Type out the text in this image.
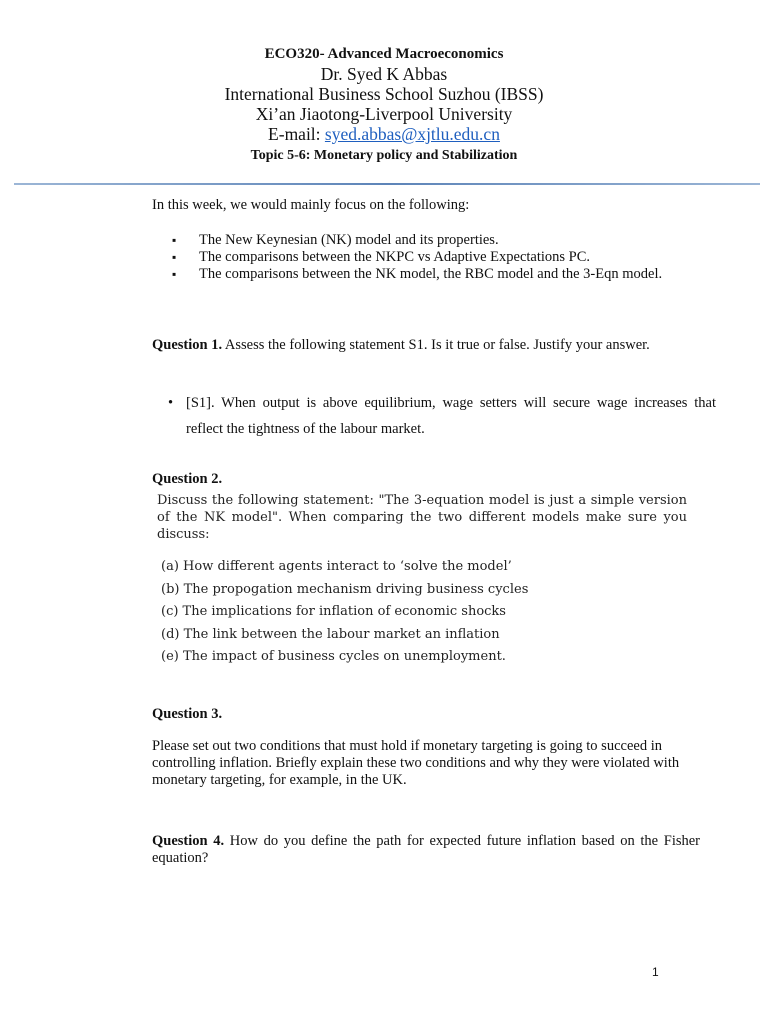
ECO320- Advanced Macroeconomics
Dr. Syed K Abbas
International Business School Suzhou (IBSS)
Xi’an Jiaotong-Liverpool University
E-mail: syed.abbas@xjtlu.edu.cn
Topic 5-6: Monetary policy and Stabilization
In this week, we would mainly focus on the following:
▪ The New Keynesian (NK) model and its properties.
▪ The comparisons between the NKPC vs Adaptive Expectations PC.
▪ The comparisons between the NK model, the RBC model and the 3-Eqn model.
Question 1. Assess the following statement S1. Is it true or false. Justify your answer.
• [S1]. When output is above equilibrium, wage setters will secure wage increases that reflect the tightness of the labour market.
Question 2.
Discuss the following statement: "The 3-equation model is just a simple version of the NK model". When comparing the two different models make sure you discuss:
(a) How different agents interact to ‘solve the model’
(b) The propogation mechanism driving business cycles
(c) The implications for inflation of economic shocks
(d) The link between the labour market an inflation
(e) The impact of business cycles on unemployment.
Question 3.
Please set out two conditions that must hold if monetary targeting is going to succeed in controlling inflation. Briefly explain these two conditions and why they were violated with monetary targeting, for example, in the UK.
Question 4. How do you define the path for expected future inflation based on the Fisher equation?
1
